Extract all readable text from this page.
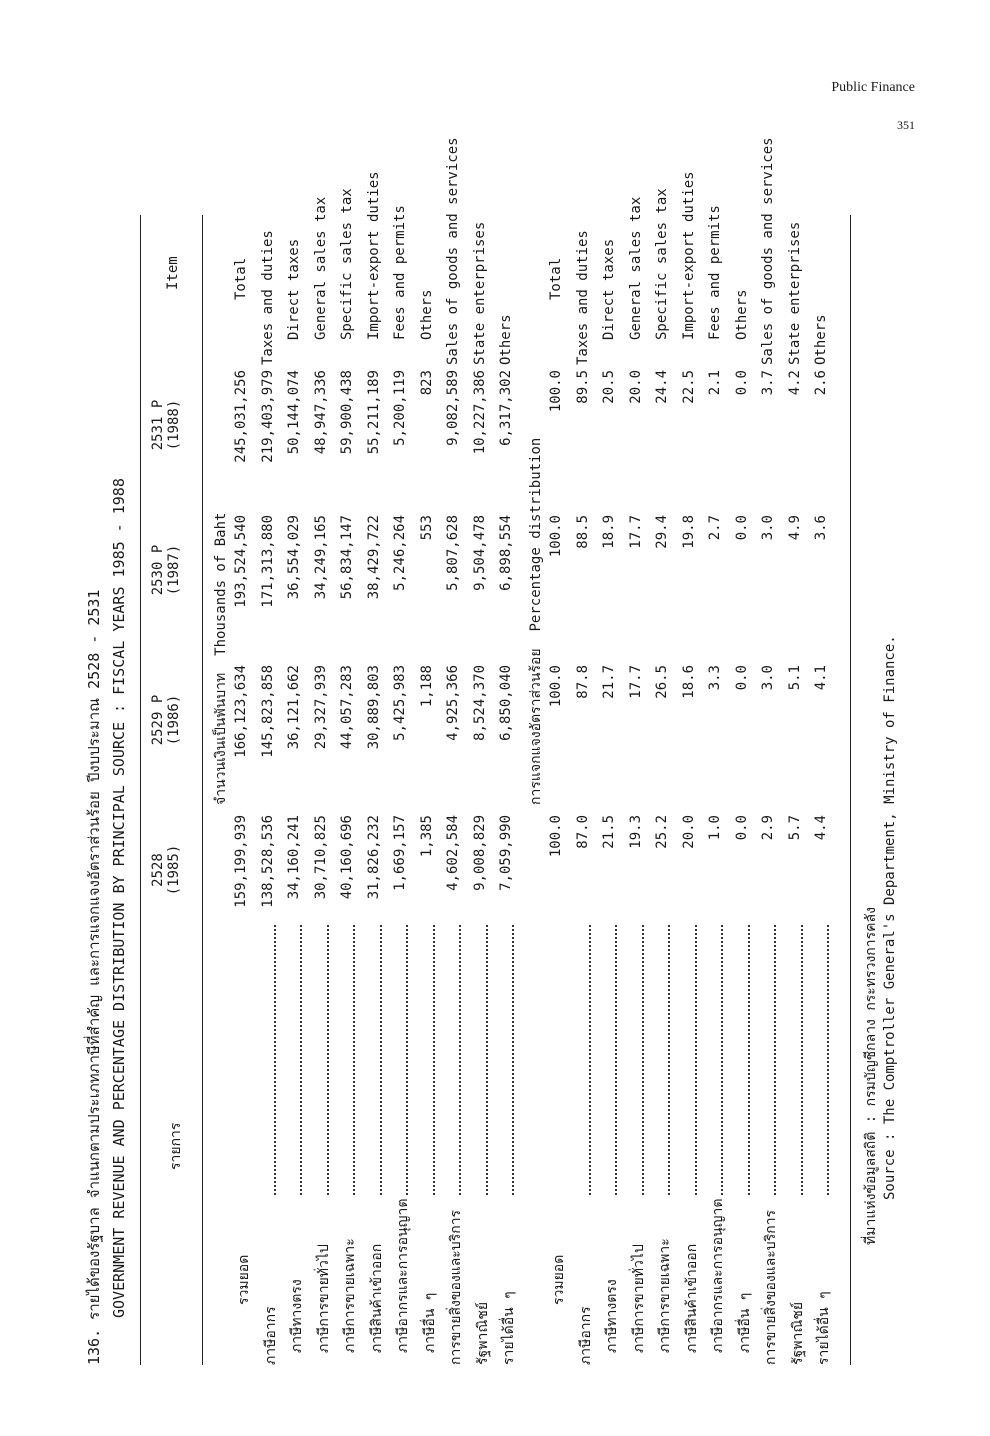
Public Finance
351
136. รายได้ของรัฐบาล จำแนกตามประเภทภาษีที่สำคัญ และการแจกแจงอัตราส่วนร้อย ปีงบประมาณ 2528 - 2531 GOVERNMENT REVENUE AND PERCENTAGE DISTRIBUTION BY PRINCIPAL SOURCE : FISCAL YEARS 1985 - 1988	รายการ
2528 (1985)
2529 P (1986)
2530 P (1987)
2531 P (1988)
Item
จำนวนเงินเป็นพันบาท  Thousands of Baht
รวมยอด
159,199,939
166,123,634
193,524,540
245,031,256
Total
ภาษีอากร
138,528,536
145,823,858
171,313,880
219,403,979
Taxes and duties
ภาษีทางตรง
34,160,241
36,121,662
36,554,029
50,144,074
Direct taxes
ภาษีการขายทั่วไป
30,710,825
29,327,939
34,249,165
48,947,336
General sales tax
ภาษีการขายเฉพาะ
40,160,696
44,057,283
56,834,147
59,900,438
Specific sales tax
ภาษีสินค้าเข้าออก
31,826,232
30,889,803
38,429,722
55,211,189
Import-export duties
ภาษีอากรและการอนุญาต
1,669,157
5,425,983
5,246,264
5,200,119
Fees and permits
ภาษีอื่น ๆ
1,385
1,188
553
823
Others
การขายสิ่งของและบริการ
4,602,584
4,925,366
5,807,628
9,082,589
Sales of goods and services
รัฐพาณิชย์
9,008,829
8,524,370
9,504,478
10,227,386
State enterprises
รายได้อื่น ๆ
7,059,990
6,850,040
6,898,554
6,317,302
Others
การแจกแจงอัตราส่วนร้อย  Percentage distribution
รวมยอด
100.0
100.0
100.0
100.0
Total
ภาษีอากร
87.0
87.8
88.5
89.5
Taxes and duties
ภาษีทางตรง
21.5
21.7
18.9
20.5
Direct taxes
ภาษีการขายทั่วไป
19.3
17.7
17.7
20.0
General sales tax
ภาษีการขายเฉพาะ
25.2
26.5
29.4
24.4
Specific sales tax
ภาษีสินค้าเข้าออก
20.0
18.6
19.8
22.5
Import-export duties
ภาษีอากรและการอนุญาต
1.0
3.3
2.7
2.1
Fees and permits
ภาษีอื่น ๆ
0.0
0.0
0.0
0.0
Others
การขายสิ่งของและบริการ
2.9
3.0
3.0
3.7
Sales of goods and services
รัฐพาณิชย์
5.7
5.1
4.9
4.2
State enterprises
รายได้อื่น ๆ
4.4
4.1
3.6
2.6
Others
ที่มาแห่งข้อมูลสถิติ : กรมบัญชีกลาง กระทรวงการคลัง Source : The Comptroller General's Department, Ministry of Finance.
